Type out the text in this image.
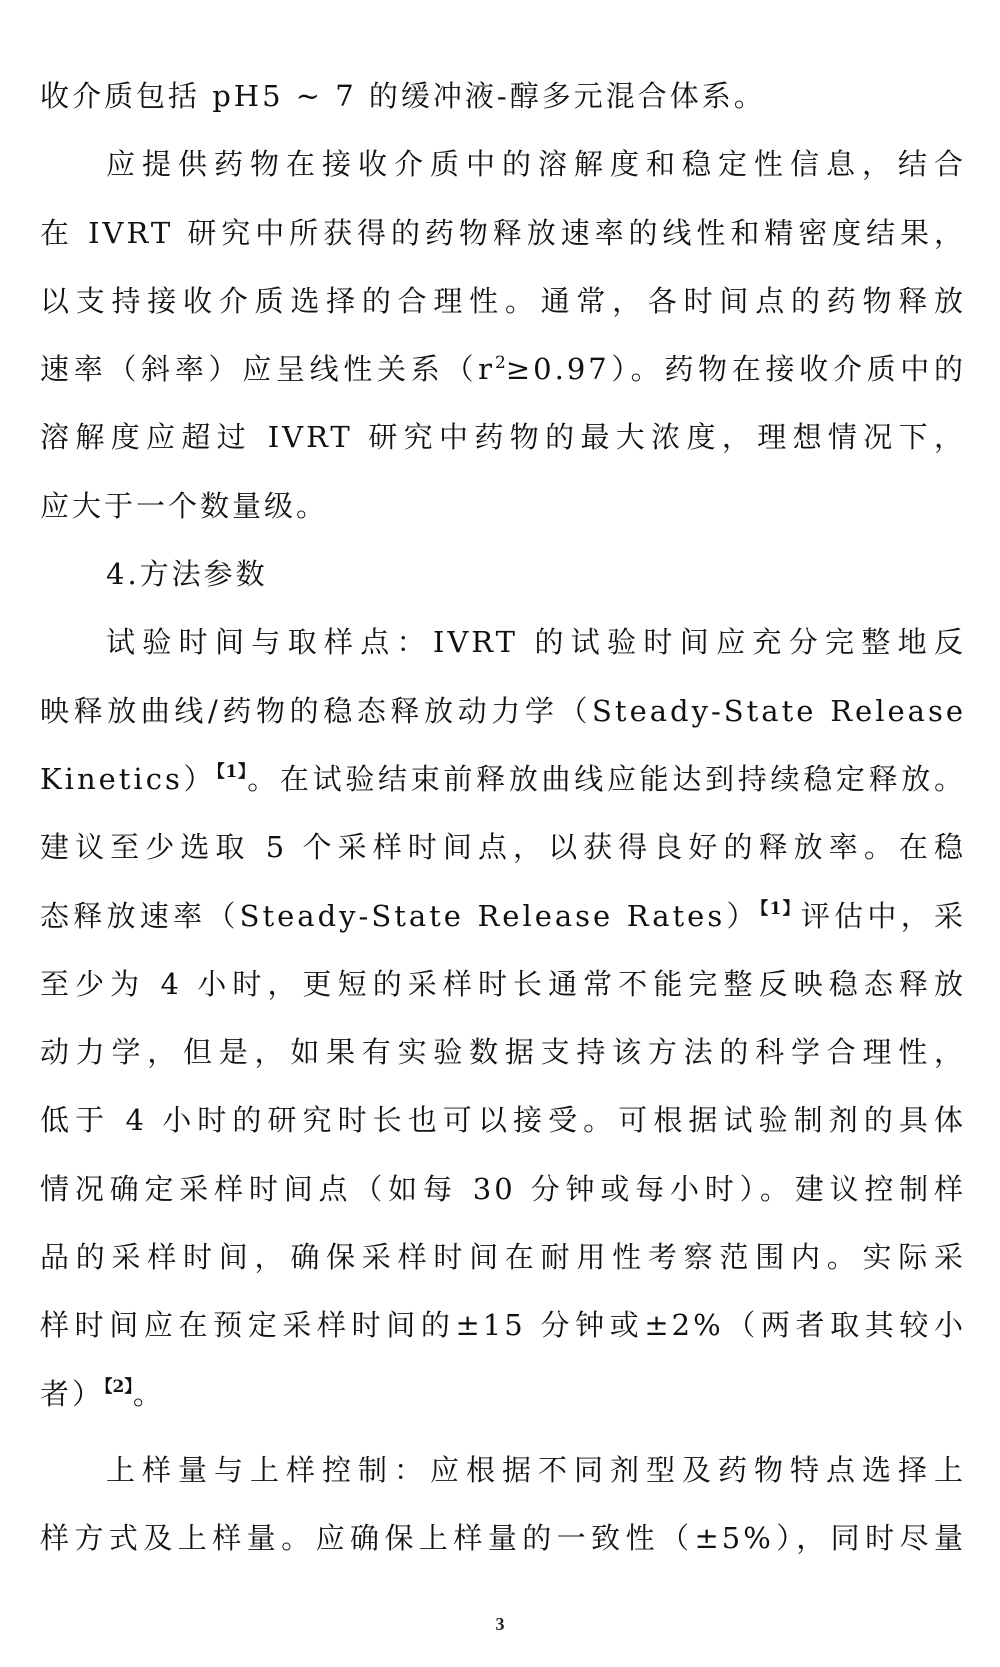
收介质包括 pH5 ~ 7 的缓冲液-醇多元混合体系。
应提供药物在接收介质中的溶解度和稳定性信息，结合
在 IVRT 研究中所获得的药物释放速率的线性和精密度结果，
以支持接收介质选择的合理性。通常，各时间点的药物释放
速率（斜率）应呈线性关系$(r^2\ge 0.97)$。药物在接收介质中的
溶解度应超过 IVRT 研究中药物的最大浓度，理想情况下，
应大于一个数量级。
4.方法参数
试验时间与取样点：IVRT 的试验时间应充分完整地反
映释放曲线/药物的稳态释放动力学（Steady-State Release
Kinetics）$^{【1】}$。在试验结束前释放曲线应能达到持续稳定释放。
建议至少选取 5 个采样时间点，以获得良好的释放率。在稳
态释放速率（Steady-State Release Rates）$^{【1】}$评估中，采
至少为 4 小时，更短的采样时长通常不能完整反映稳态释放
动力学，但是，如果有实验数据支持该方法的科学合理性，
低于 4 小时的研究时长也可以接受。可根据试验制剂的具体
情况确定采样时间点（如每 30 分钟或每小时）。建议控制样
品的采样时间，确保采样时间在耐用性考察范围内。实际采
样时间应在预定采样时间的±15 分钟或±2%（两者取其较小
者）$^{【2】}$。
上样量与上样控制：应根据不同剂型及药物特点选择上
样方式及上样量。应确保上样量的一致性（±5%），同时尽量
3
